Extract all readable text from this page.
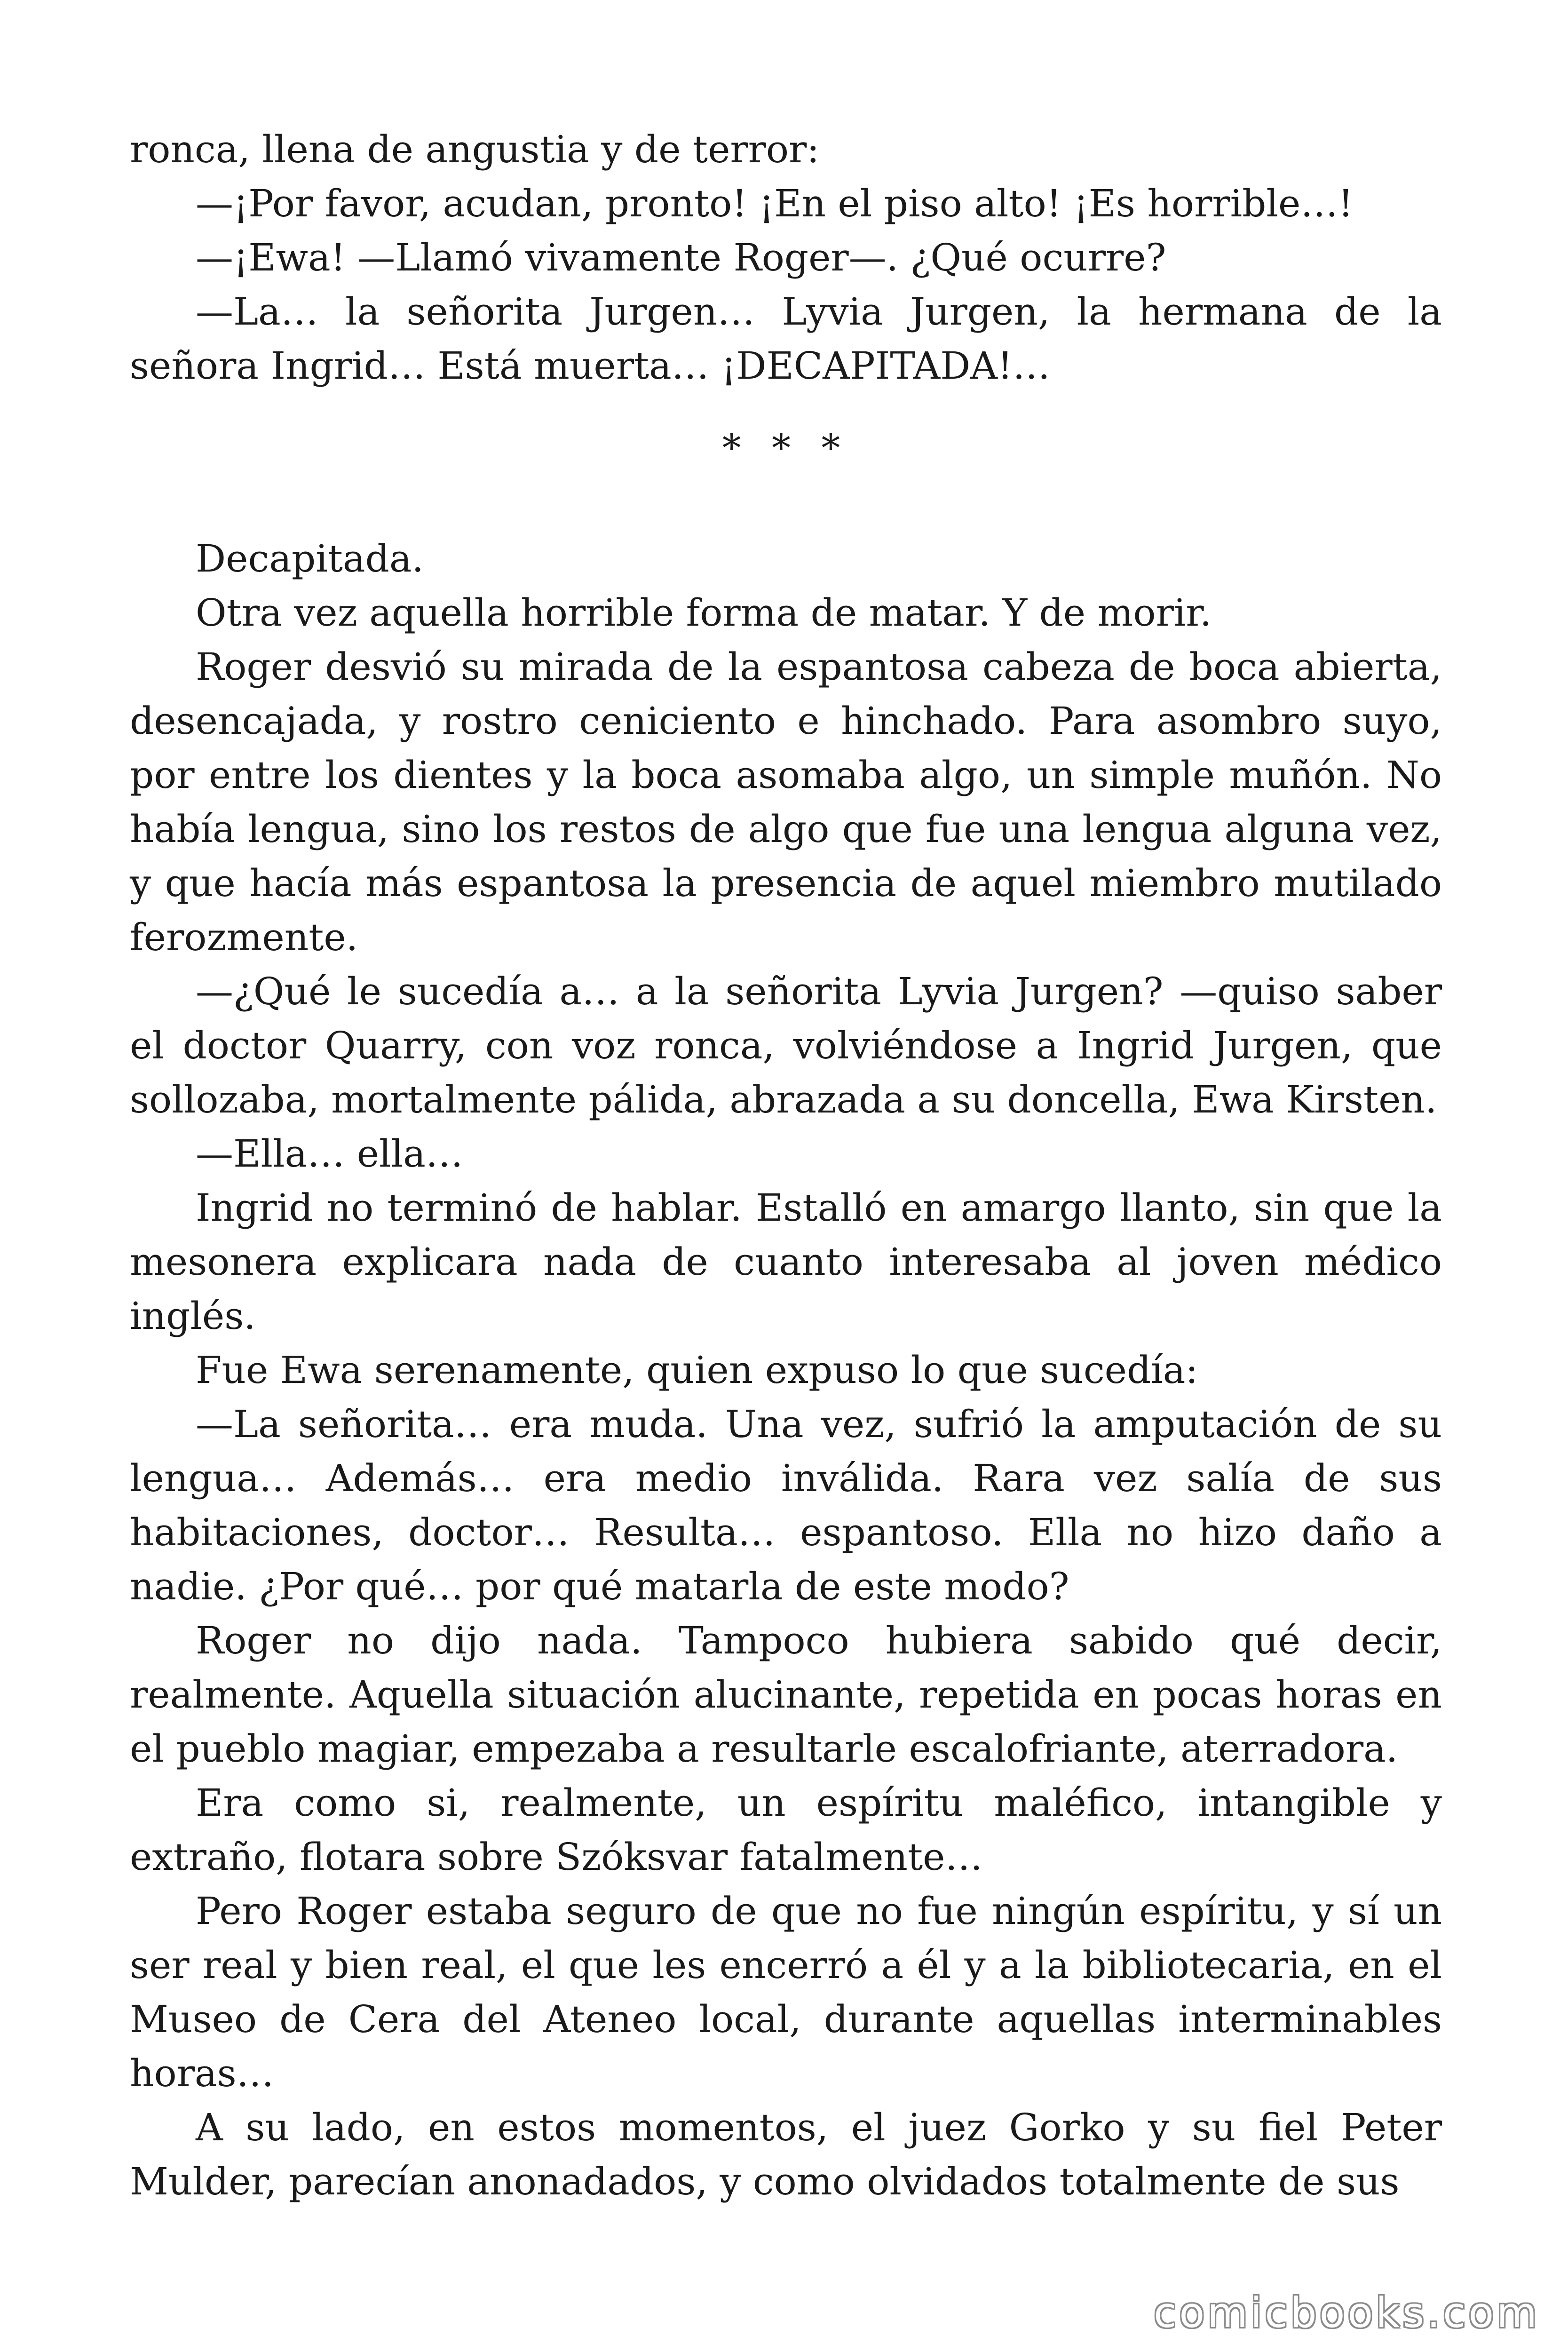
ronca, llena de angustia y de terror:

—¡Por favor, acudan, pronto! ¡En el piso alto! ¡Es horrible…!

—¡Ewa! —Llamó vivamente Roger—. ¿Qué ocurre?

—La… la señorita Jurgen… Lyvia Jurgen, la hermana de la señora Ingrid… Está muerta… ¡DECAPITADA!…

* * *

Decapitada.

Otra vez aquella horrible forma de matar. Y de morir.

Roger desvió su mirada de la espantosa cabeza de boca abierta, desencajada, y rostro ceniciento e hinchado. Para asombro suyo, por entre los dientes y la boca asomaba algo, un simple muñón. No había lengua, sino los restos de algo que fue una lengua alguna vez, y que hacía más espantosa la presencia de aquel miembro mutilado ferozmente.

—¿Qué le sucedía a… a la señorita Lyvia Jurgen? —quiso saber el doctor Quarry, con voz ronca, volviéndose a Ingrid Jurgen, que sollozaba, mortalmente pálida, abrazada a su doncella, Ewa Kirsten.

—Ella… ella…

Ingrid no terminó de hablar. Estalló en amargo llanto, sin que la mesonera explicara nada de cuanto interesaba al joven médico inglés.

Fue Ewa serenamente, quien expuso lo que sucedía:

—La señorita… era muda. Una vez, sufrió la amputación de su lengua… Además… era medio inválida. Rara vez salía de sus habitaciones, doctor… Resulta… espantoso. Ella no hizo daño a nadie. ¿Por qué… por qué matarla de este modo?

Roger no dijo nada. Tampoco hubiera sabido qué decir, realmente. Aquella situación alucinante, repetida en pocas horas en el pueblo magiar, empezaba a resultarle escalofriante, aterradora.

Era como si, realmente, un espíritu maléfico, intangible y extraño, flotara sobre Szóksvar fatalmente…

Pero Roger estaba seguro de que no fue ningún espíritu, y sí un ser real y bien real, el que les encerró a él y a la bibliotecaria, en el Museo de Cera del Ateneo local, durante aquellas interminables horas…

A su lado, en estos momentos, el juez Gorko y su fiel Peter Mulder, parecían anonadados, y como olvidados totalmente de sus

comicbooks.com
